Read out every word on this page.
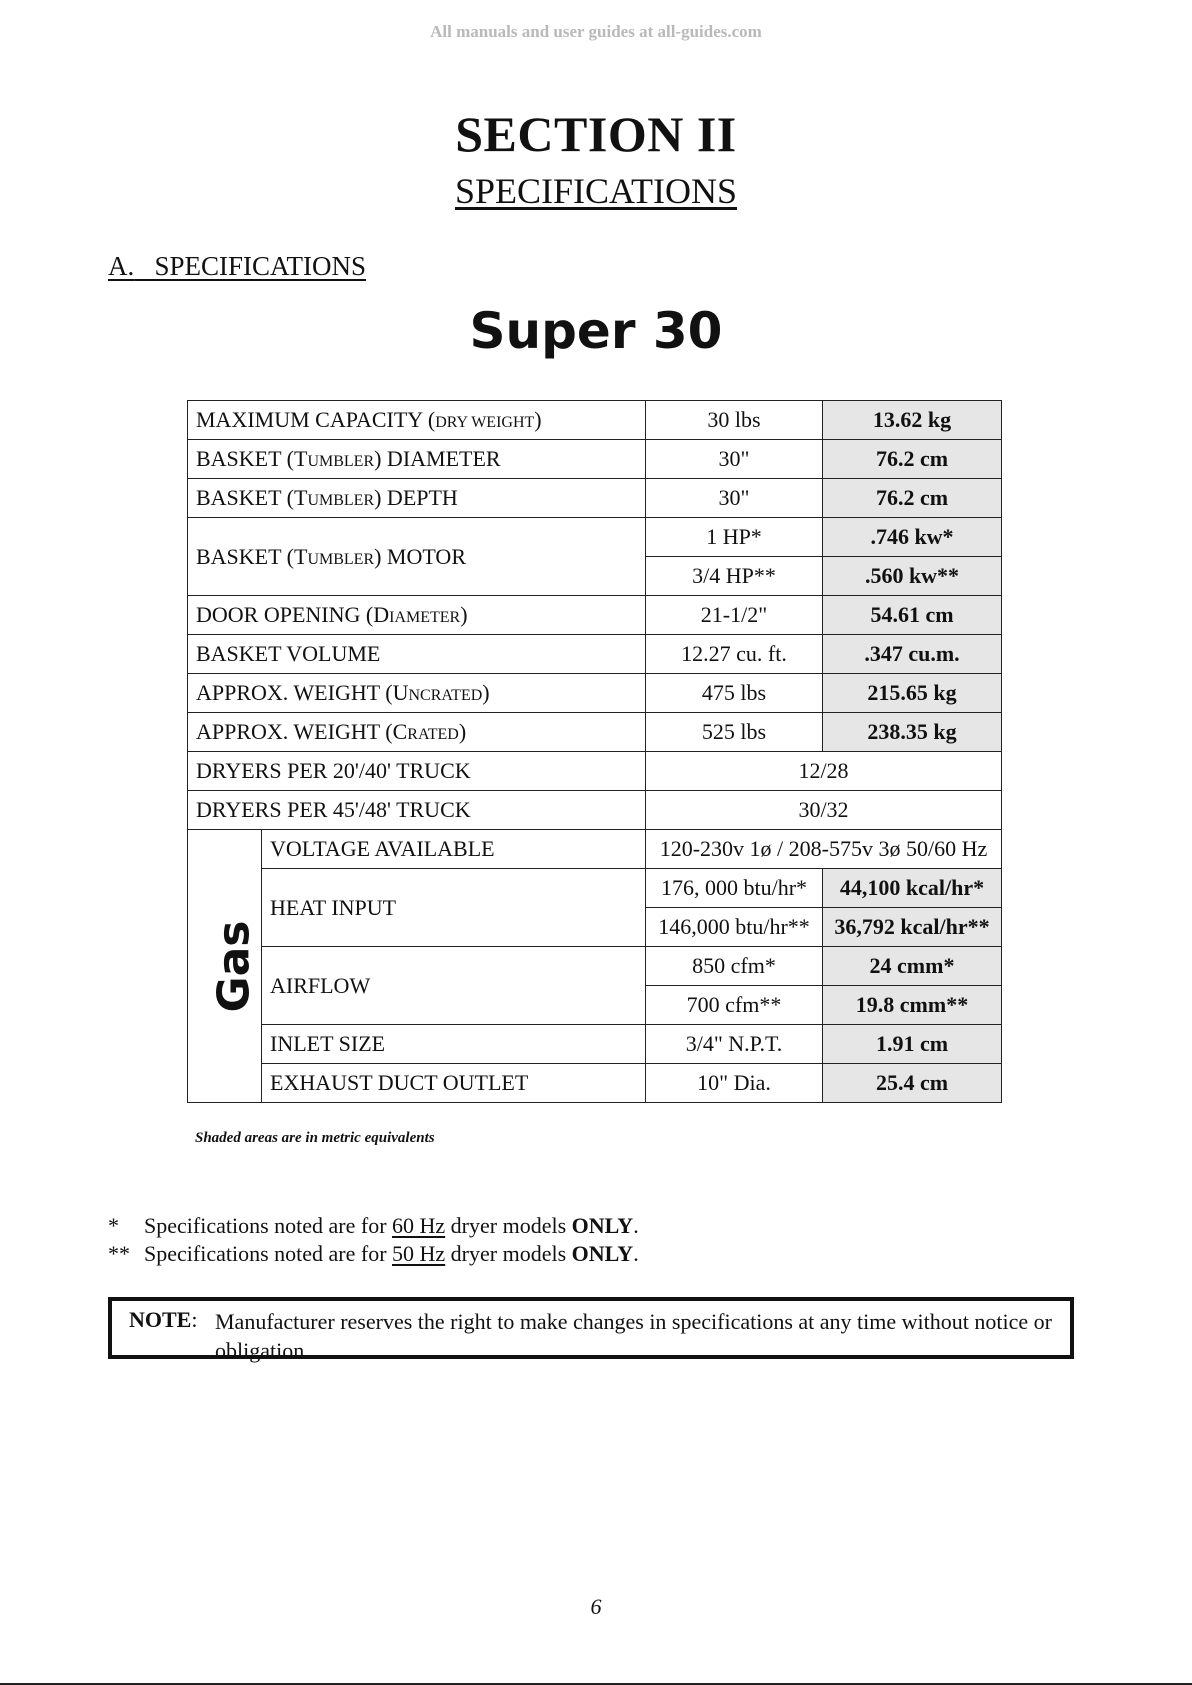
All manuals and user guides at all-guides.com
SECTION II
SPECIFICATIONS
A. SPECIFICATIONS
Super 30
MAXIMUM CAPACITY (DRY WEIGHT)		30 lbs	13.62 kg
BASKET (TUMBLER) DIAMETER		30"	76.2 cm
BASKET (TUMBLER) DEPTH		30"	76.2 cm
BASKET (TUMBLER) MOTOR		1 HP*	.746 kw*
		3/4 HP**	.560 kw**
DOOR OPENING (DIAMETER)		21-1/2"	54.61 cm
BASKET VOLUME		12.27 cu. ft.	.347 cu.m.
APPROX. WEIGHT (UNCRATED)		475 lbs	215.65 kg
APPROX. WEIGHT (CRATED)		525 lbs	238.35 kg
DRYERS PER 20'/40' TRUCK		12/28	
DRYERS PER 45'/48' TRUCK		30/32	
Gas	VOLTAGE AVAILABLE	120-230v 1ø / 208-575v 3ø 50/60 Hz	
	HEAT INPUT	176, 000 btu/hr*	44,100 kcal/hr*
		146,000 btu/hr**	36,792 kcal/hr**
	AIRFLOW	850 cfm*	24 cmm*
		700 cfm**	19.8 cmm**
	INLET SIZE	3/4" N.P.T.	1.91 cm
	EXHAUST DUCT OUTLET	10" Dia.	25.4 cm
Shaded areas are in metric equivalents
* Specifications noted are for 60 Hz dryer models ONLY.
** Specifications noted are for 50 Hz dryer models ONLY.
NOTE: Manufacturer reserves the right to make changes in specifications at any time without notice or obligation.
6
